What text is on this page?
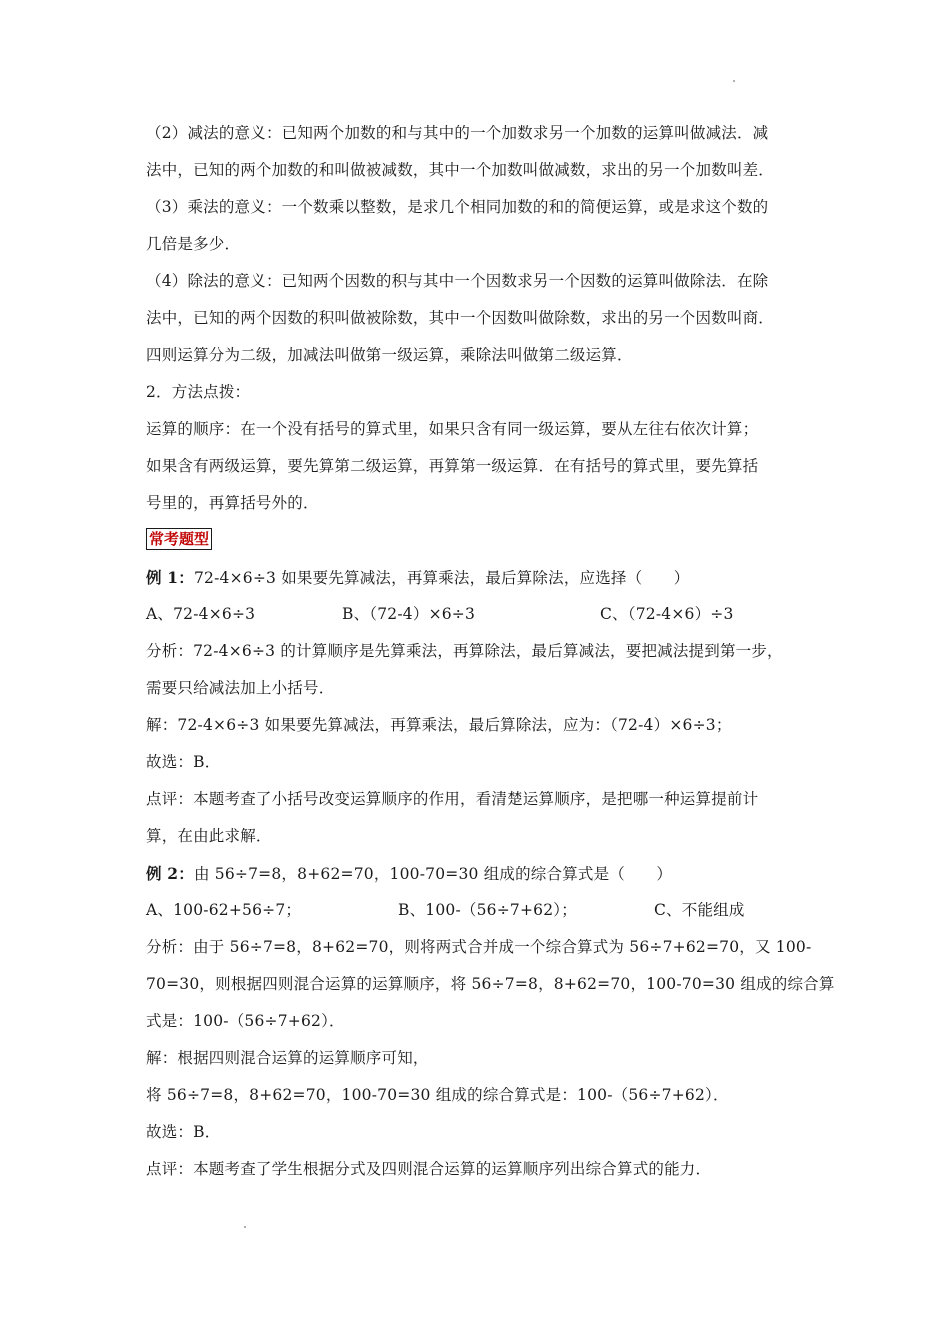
（2）减法的意义：已知两个加数的和与其中的一个加数求另一个加数的运算叫做减法．减
法中，已知的两个加数的和叫做被减数，其中一个加数叫做减数，求出的另一个加数叫差．
（3）乘法的意义：一个数乘以整数，是求几个相同加数的和的简便运算，或是求这个数的
几倍是多少．
（4）除法的意义：已知两个因数的积与其中一个因数求另一个因数的运算叫做除法．在除
法中，已知的两个因数的积叫做被除数，其中一个因数叫做除数，求出的另一个因数叫商．
四则运算分为二级，加减法叫做第一级运算，乘除法叫做第二级运算．
2．方法点拨：
运算的顺序：在一个没有括号的算式里，如果只含有同一级运算，要从左往右依次计算；
如果含有两级运算，要先算第二级运算，再算第一级运算．在有括号的算式里，要先算括
号里的，再算括号外的．
常考题型
例 1：72-4×6÷3 如果要先算减法，再算乘法，最后算除法，应选择（　　）
A、72-4×6÷3	B、（72-4）×6÷3	C、（72-4×6）÷3
分析：72-4×6÷3 的计算顺序是先算乘法，再算除法，最后算减法，要把减法提到第一步，
需要只给减法加上小括号．
解：72-4×6÷3 如果要先算减法，再算乘法，最后算除法，应为：（72-4）×6÷3；
故选：B．
点评：本题考查了小括号改变运算顺序的作用，看清楚运算顺序，是把哪一种运算提前计
算，在由此求解．
例 2：由 56÷7=8，8+62=70，100-70=30 组成的综合算式是（　　）
A、100-62+56÷7；	B、100-（56÷7+62）；	C、不能组成
分析：由于 56÷7=8，8+62=70，则将两式合并成一个综合算式为 56÷7+62=70，又 100-
70=30，则根据四则混合运算的运算顺序，将 56÷7=8，8+62=70，100-70=30 组成的综合算
式是：100-（56÷7+62）．
解：根据四则混合运算的运算顺序可知，
将 56÷7=8，8+62=70，100-70=30 组成的综合算式是：100-（56÷7+62）．
故选：B．
点评：本题考查了学生根据分式及四则混合运算的运算顺序列出综合算式的能力．
